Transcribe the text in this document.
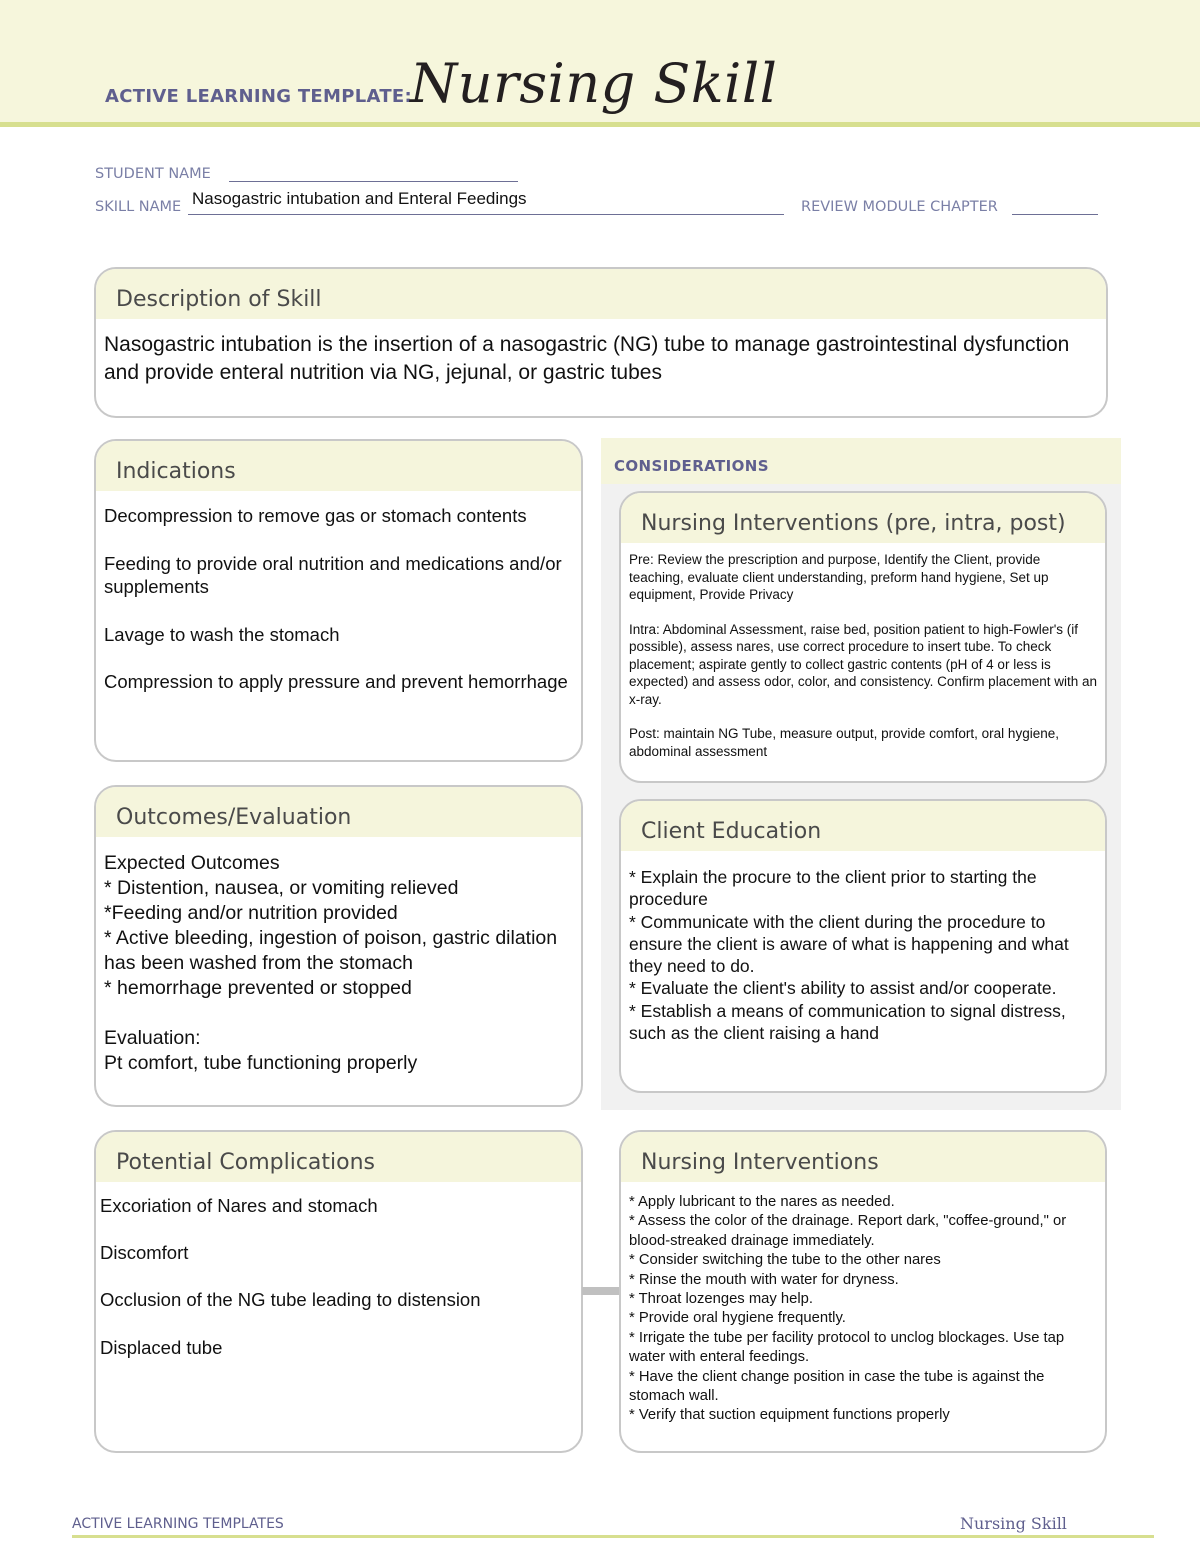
ACTIVE LEARNING TEMPLATE:
Nursing Skill
STUDENT NAME
SKILL NAME Nasogastric intubation and Enteral Feedings	REVIEW MODULE CHAPTER
Description of Skill
Nasogastric intubation is the insertion of a nasogastric (NG) tube to manage gastrointestinal dysfunction and provide enteral nutrition via NG, jejunal, or gastric tubes
Indications

Decompression to remove gas or stomach contents

Feeding to provide oral nutrition and medications and/or supplements

Lavage to wash the stomach

Compression to apply pressure and prevent hemorrhage

Outcomes/Evaluation

Expected Outcomes

* Distention, nausea, or vomiting relieved

*Feeding and/or nutrition provided

* Active bleeding, ingestion of poison, gastric dilation has been washed from the stomach

* hemorrhage prevented or stopped

Evaluation:

Pt comfort, tube functioning properly

CONSIDERATIONS
Nursing Interventions (pre, intra, post)

Pre: Review the prescription and purpose, Identify the Client, provide teaching, evaluate client understanding, preform hand hygiene, Set up equipment, Provide Privacy

Intra: Abdominal Assessment, raise bed, position patient to high-Fowler's (if possible), assess nares, use correct procedure to insert tube. To check placement; aspirate gently to collect gastric contents (pH of 4 or less is expected) and assess odor, color, and consistency. Confirm placement with an x-ray.

Post: maintain NG Tube, measure output, provide comfort, oral hygiene, abdominal assessment

Client Education

* Explain the procure to the client prior to starting the procedure

* Communicate with the client during the procedure to ensure the client is aware of what is happening and what they need to do.

* Evaluate the client's ability to assist and/or cooperate.

* Establish a means of communication to signal distress, such as the client raising a hand

Potential Complications

Excoriation of Nares and stomach

Discomfort

Occlusion of the NG tube leading to distension

Displaced tube

Nursing Interventions

* Apply lubricant to the nares as needed.

* Assess the color of the drainage. Report dark, "coffee-ground," or blood-streaked drainage immediately.

* Consider switching the tube to the other nares

* Rinse the mouth with water for dryness.

* Throat lozenges may help.

* Provide oral hygiene frequently.

* Irrigate the tube per facility protocol to unclog blockages. Use tap water with enteral feedings.

* Have the client change position in case the tube is against the stomach wall.

* Verify that suction equipment functions properly

ACTIVE LEARNING TEMPLATES	Nursing Skill
